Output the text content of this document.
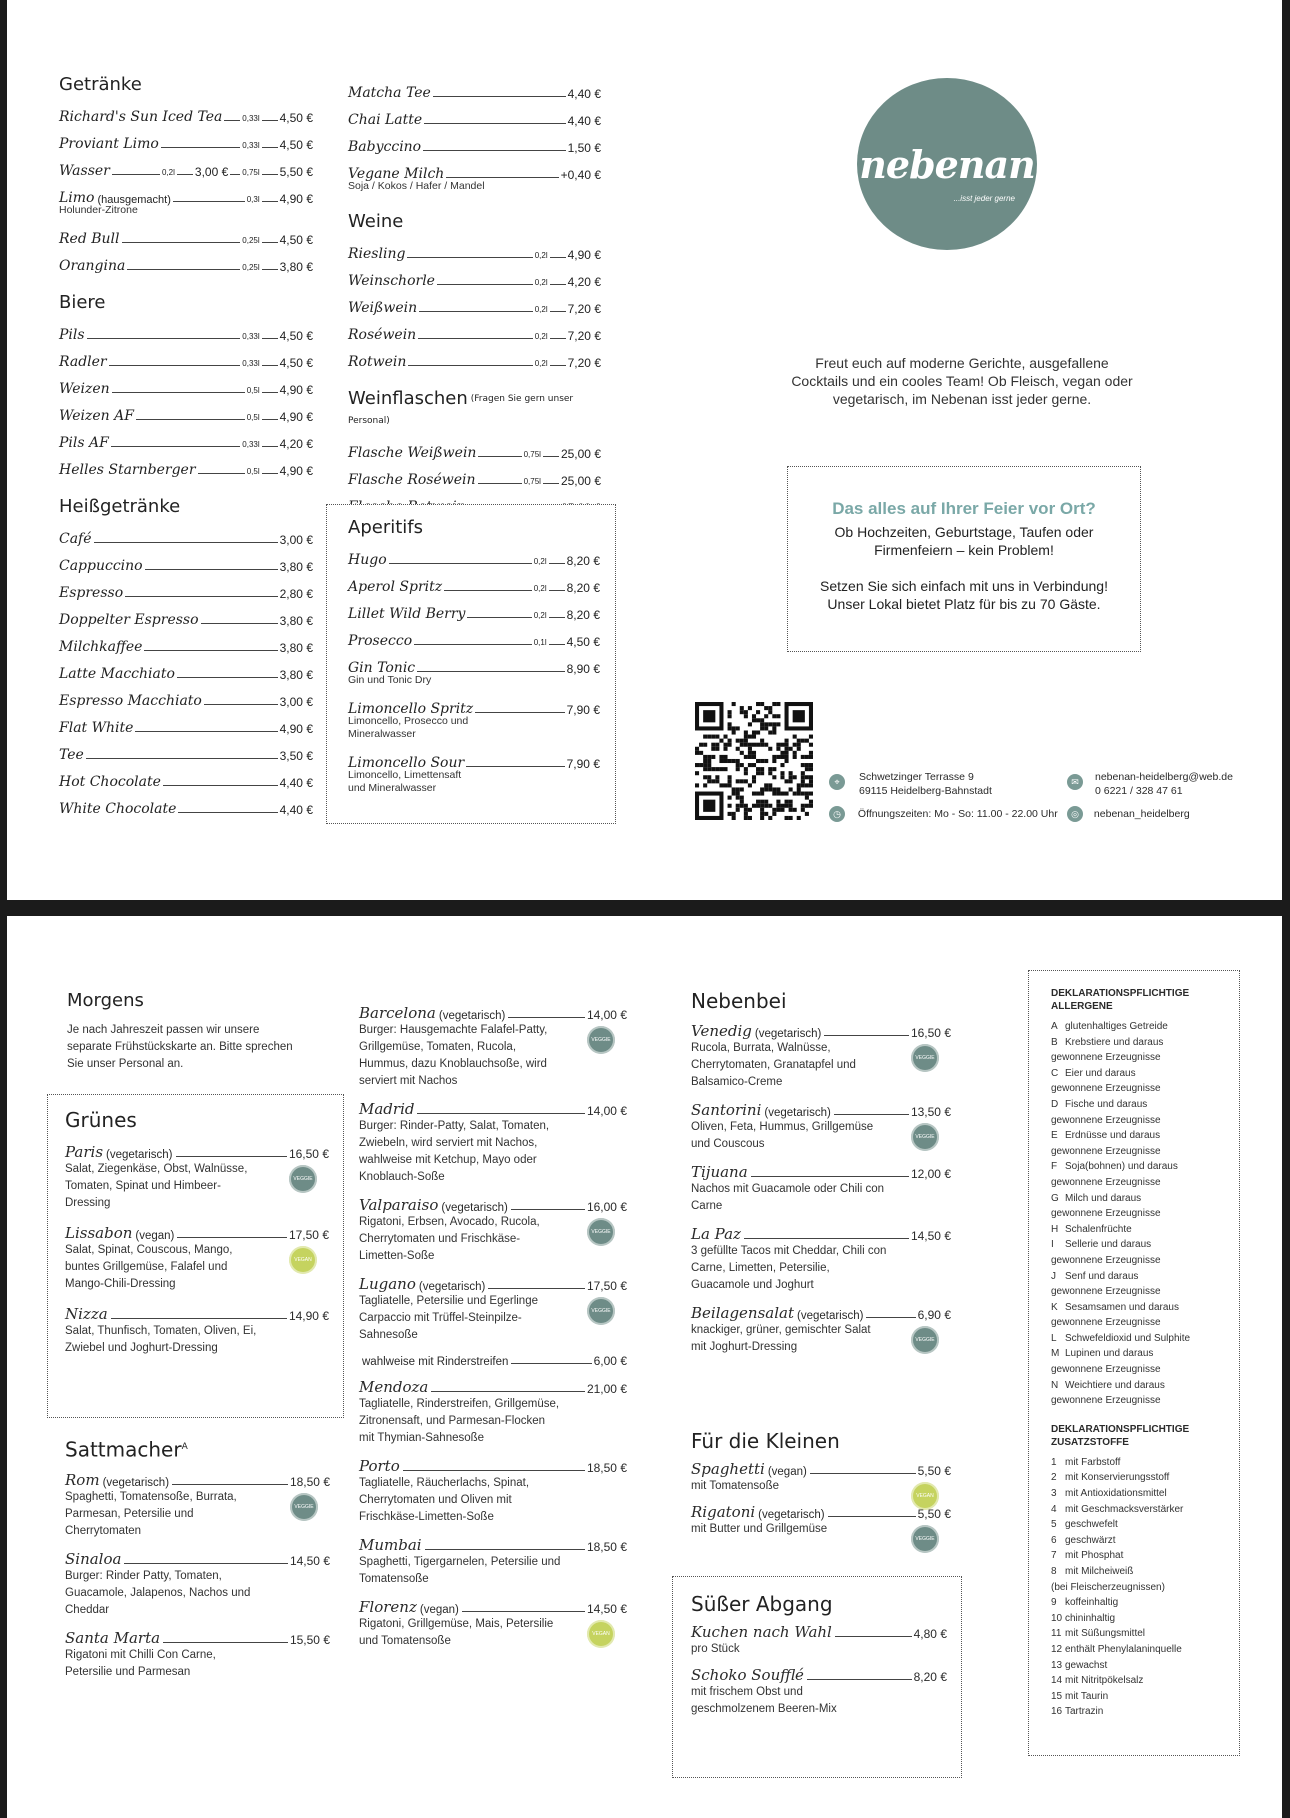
Getränke
Richard's Sun Iced Tea 0,33l 4,50 €
Proviant Limo	0,33l 4,50 €
Wasser	0,2l 3,00 € 0,75l 5,50 €
Limo (hausgemacht)	0,3l 4,90 €
Holunder-Zitrone
Red Bull	0,25l 4,50 €
Orangina	0,25l 3,80 €
Biere
Pils	0,33l 4,50 €
Radler	0,33l 4,50 €
Weizen	0,5l 4,90 €
Weizen AF	0,5l 4,90 €
Pils AF	0,33l 4,20 €
Helles Starnberger	0,5l 4,90 €
Heißgetränke
Café	3,00 €
Cappuccino	3,80 €
Espresso	2,80 €
Doppelter Espresso	3,80 €
Milchkaffee	3,80 €
Latte Macchiato	3,80 €
Espresso Macchiato	3,00 €
Flat White	4,90 €
Tee	3,50 €
Hot Chocolate	4,40 €
White Chocolate	4,40 €
Matcha Tee	4,40 €
Chai Latte	4,40 €
Babyccino	1,50 €
Vegane Milch	+0,40 €
Soja / Kokos / Hafer / Mandel
Weine
Riesling	0,2l 4,90 €
Weinschorle	0,2l 4,20 €
Weißwein	0,2l 7,20 €
Roséwein	0,2l 7,20 €
Rotwein	0,2l 7,20 €
Weinflaschen (Fragen Sie gern unser Personal)
Flasche Weißwein	0,75l 25,00 €
Flasche Roséwein	0,75l 25,00 €
Aperitifs
Hugo	0,2l 8,20 €
Aperol Spritz	0,2l 8,20 €
Lillet Wild Berry	0,2l 8,20 €
Prosecco	0,1l 4,50 €
Gin Tonic	8,90 €
Gin und Tonic Dry
Limoncello Spritz	7,90 €
Limoncello, Prosecco und Mineralwasser
Limoncello Sour	7,90 €
Limoncello, Limettensaft und Mineralwasser
nebenan
...isst jeder gerne
Freut euch auf moderne Gerichte, ausgefallene Cocktails und ein cooles Team! Ob Fleisch, vegan oder vegetarisch, im Nebenan isst jeder gerne.
Das alles auf Ihrer Feier vor Ort?
Ob Hochzeiten, Geburtstage, Taufen oder
Firmenfeiern – kein Problem!
Setzen Sie sich einfach mit uns in Verbindung!
Unser Lokal bietet Platz für bis zu 70 Gäste.
⌖	Schwetzinger Terrasse 9
69115 Heidelberg-Bahnstadt
◷ Öffnungszeiten: Mo - So: 11.00 - 22.00 Uhr
✉	nebenan-heidelberg@web.de
0 6221 / 328 47 61
◎ nebenan_heidelberg
Morgens
Je nach Jahreszeit passen wir unsere separate Frühstückskarte an. Bitte sprechen Sie unser Personal an.
Grünes
Paris (vegetarisch)	16,50 €
Salat, Ziegenkäse, Obst, Walnüsse, Tomaten, Spinat und Himbeer-Dressing
VEGGIE
Lissabon (vegan)	17,50 €
Salat, Spinat, Couscous, Mango, buntes Grillgemüse, Falafel und Mango-Chili-Dressing
VEGAN
Nizza	14,90 €
Salat, Thunfisch, Tomaten, Oliven, Ei, Zwiebel und Joghurt-Dressing
Sattmacher$^A$
Rom (vegetarisch)	18,50 €
Spaghetti, Tomatensoße, Burrata, Parmesan, Petersilie und Cherrytomaten
VEGGIE
Sinaloa	14,50 €
Burger: Rinder Patty, Tomaten, Guacamole, Jalapenos, Nachos und Cheddar
Santa Marta	15,50 €
Rigatoni mit Chilli Con Carne, Petersilie und Parmesan
Barcelona (vegetarisch)	14,00 €
Burger: Hausgemachte Falafel-Patty, Grillgemüse, Tomaten, Rucola, Hummus, dazu Knoblauchsoße, wird serviert mit Nachos
VEGGIE
Madrid	14,00 €
Burger: Rinder-Patty, Salat, Tomaten, Zwiebeln, wird serviert mit Nachos, wahlweise mit Ketchup, Mayo oder Knoblauch-Soße
Valparaiso (vegetarisch)	16,00 €
Rigatoni, Erbsen, Avocado, Rucola, Cherrytomaten und Frischkäse-Limetten-Soße
VEGGIE
Lugano (vegetarisch)	17,50 €
Tagliatelle, Petersilie und Egerlinge Carpaccio mit Trüffel-Steinpilze-Sahnesoße
VEGGIE
wahlweise mit Rinderstreifen	6,00 €
Mendoza	21,00 €
Tagliatelle, Rinderstreifen, Grillgemüse, Zitronensaft, und Parmesan-Flocken mit Thymian-Sahnesoße
Porto	18,50 €
Tagliatelle, Räucherlachs, Spinat, Cherrytomaten und Oliven mit Frischkäse-Limetten-Soße
Mumbai	18,50 €
Spaghetti, Tigergarnelen, Petersilie und Tomatensoße
Florenz (vegan)	14,50 €
Rigatoni, Grillgemüse, Mais, Petersilie und Tomatensoße
VEGAN
Nebenbei
Venedig (vegetarisch)	16,50 €
Rucola, Burrata, Walnüsse, Cherrytomaten, Granatapfel und Balsamico-Creme
VEGGIE
Santorini (vegetarisch)	13,50 €
Oliven, Feta, Hummus, Grillgemüse und Couscous
VEGGIE
Tijuana	12,00 €
Nachos mit Guacamole oder Chili con Carne
La Paz	14,50 €
3 gefüllte Tacos mit Cheddar, Chili con Carne, Limetten, Petersilie, Guacamole und Joghurt
Beilagensalat (vegetarisch)	6,90 €
knackiger, grüner, gemischter Salat mit Joghurt-Dressing
VEGGIE
Für die Kleinen
Spaghetti (vegan)	5,50 €
mit Tomatensoße
VEGAN
Rigatoni (vegetarisch)	5,50 €
mit Butter und Grillgemüse
VEGGIE
Süßer Abgang
Kuchen nach Wahl	4,80 €
pro Stück
Schoko Soufflé	8,20 €
mit frischem Obst und geschmolzenem Beeren-Mix
DEKLARATIONSPFLICHTIGE
ALLERGENE
A glutenhaltiges Getreide
B Krebstiere und daraus
gewonnene Erzeugnisse
C Eier und daraus
gewonnene Erzeugnisse
D Fische und daraus
gewonnene Erzeugnisse
E Erdnüsse und daraus
gewonnene Erzeugnisse
F Soja(bohnen) und daraus
gewonnene Erzeugnisse
G Milch und daraus
gewonnene Erzeugnisse
H Schalenfrüchte
I Sellerie und daraus
gewonnene Erzeugnisse
J Senf und daraus
gewonnene Erzeugnisse
K Sesamsamen und daraus
gewonnene Erzeugnisse
L Schwefeldioxid und Sulphite
M Lupinen und daraus
gewonnene Erzeugnisse
N Weichtiere und daraus
gewonnene Erzeugnisse
DEKLARATIONSPFLICHTIGE
ZUSATZSTOFFE
1 mit Farbstoff
2 mit Konservierungsstoff
3 mit Antioxidationsmittel
4 mit Geschmacksverstärker
5 geschwefelt
6 geschwärzt
7 mit Phosphat
8 mit Milcheiweiß
(bei Fleischerzeugnissen)
9 koffeinhaltig
10 chininhaltig
11 mit Süßungsmittel
12 enthält Phenylalaninquelle
13 gewachst
14 mit Nitritpökelsalz
15 mit Taurin
16 Tartrazin
